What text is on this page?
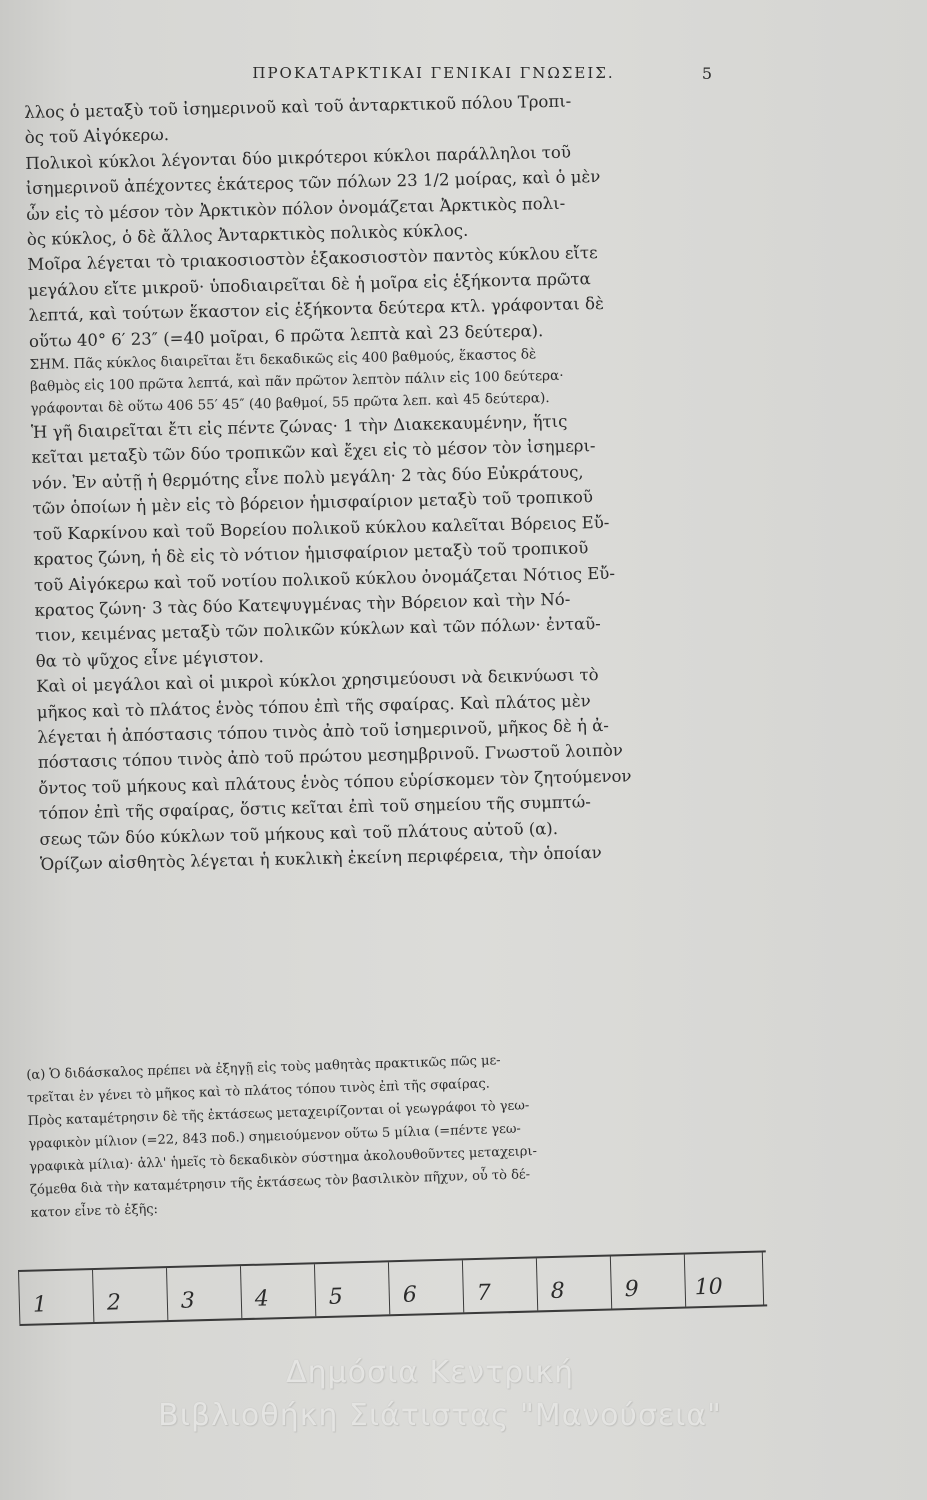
ΠΡΟΚΑΤΑΡΚΤΙΚΑΙ ΓΕΝΙΚΑΙ ΓΝΩΣΕΙΣ.	5
λλος ὁ μεταξὺ τοῦ ἰσημερινοῦ καὶ τοῦ ἀνταρκτικοῦ πόλου Τροπι-
ὸς τοῦ Αἰγόκερω.
Πολικοὶ κύκλοι λέγονται δύο μικρότεροι κύκλοι παράλληλοι τοῦ
ἰσημερινοῦ ἀπέχοντες ἑκάτερος τῶν πόλων 23 1/2 μοίρας, καὶ ὁ μὲν
ὧν εἰς τὸ μέσον τὸν Ἀρκτικὸν πόλον ὀνομάζεται Ἀρκτικὸς πολι-
ὸς κύκλος, ὁ δὲ ἄλλος Ἀνταρκτικὸς πολικὸς κύκλος.
Μοῖρα λέγεται τὸ τριακοσιοστὸν ἑξακοσιοστὸν παντὸς κύκλου εἴτε
μεγάλου εἴτε μικροῦ· ὑποδιαιρεῖται δὲ ἡ μοῖρα εἰς ἑξήκοντα πρῶτα
λεπτά, καὶ τούτων ἕκαστον εἰς ἑξήκοντα δεύτερα κτλ. γράφονται δὲ
οὕτω 40° 6′ 23″ (=40 μοῖραι, 6 πρῶτα λεπτὰ καὶ 23 δεύτερα).
ΣΗΜ. Πᾶς κύκλος διαιρεῖται ἔτι δεκαδικῶς εἰς 400 βαθμούς, ἕκαστος δὲ
βαθμὸς εἰς 100 πρῶτα λεπτά, καὶ πᾶν πρῶτον λεπτὸν πάλιν εἰς 100 δεύτερα·
γράφονται δὲ οὕτω 406 55′ 45″ (40 βαθμοί, 55 πρῶτα λεπ. καὶ 45 δεύτερα).
Ἡ γῆ διαιρεῖται ἔτι εἰς πέντε ζώνας· 1 τὴν Διακεκαυμένην, ἥτις
κεῖται μεταξὺ τῶν δύο τροπικῶν καὶ ἔχει εἰς τὸ μέσον τὸν ἰσημερι-
νόν. Ἐν αὐτῇ ἡ θερμότης εἶνε πολὺ μεγάλη· 2 τὰς δύο Εὐκράτους,
τῶν ὁποίων ἡ μὲν εἰς τὸ βόρειον ἡμισφαίριον μεταξὺ τοῦ τροπικοῦ
τοῦ Καρκίνου καὶ τοῦ Βορείου πολικοῦ κύκλου καλεῖται Βόρειος Εὔ-
κρατος ζώνη, ἡ δὲ εἰς τὸ νότιον ἡμισφαίριον μεταξὺ τοῦ τροπικοῦ
τοῦ Αἰγόκερω καὶ τοῦ νοτίου πολικοῦ κύκλου ὀνομάζεται Νότιος Εὔ-
κρατος ζώνη· 3 τὰς δύο Κατεψυγμένας τὴν Βόρειον καὶ τὴν Νό-
τιον, κειμένας μεταξὺ τῶν πολικῶν κύκλων καὶ τῶν πόλων· ἐνταῦ-
θα τὸ ψῦχος εἶνε μέγιστον.
Καὶ οἱ μεγάλοι καὶ οἱ μικροὶ κύκλοι χρησιμεύουσι νὰ δεικνύωσι τὸ
μῆκος καὶ τὸ πλάτος ἑνὸς τόπου ἐπὶ τῆς σφαίρας. Καὶ πλάτος μὲν
λέγεται ἡ ἀπόστασις τόπου τινὸς ἀπὸ τοῦ ἰσημερινοῦ, μῆκος δὲ ἡ ἀ-
πόστασις τόπου τινὸς ἀπὸ τοῦ πρώτου μεσημβρινοῦ. Γνωστοῦ λοιπὸν
ὄντος τοῦ μήκους καὶ πλάτους ἑνὸς τόπου εὑρίσκομεν τὸν ζητούμενον
τόπον ἐπὶ τῆς σφαίρας, ὅστις κεῖται ἐπὶ τοῦ σημείου τῆς συμπτώ-
σεως τῶν δύο κύκλων τοῦ μήκους καὶ τοῦ πλάτους αὐτοῦ (α).
Ὁρίζων αἰσθητὸς λέγεται ἡ κυκλικὴ ἐκείνη περιφέρεια, τὴν ὁποίαν
(α) Ὁ διδάσκαλος πρέπει νὰ ἐξηγῇ εἰς τοὺς μαθητὰς πρακτικῶς πῶς με-
τρεῖται ἐν γένει τὸ μῆκος καὶ τὸ πλάτος τόπου τινὸς ἐπὶ τῆς σφαίρας.
Πρὸς καταμέτρησιν δὲ τῆς ἐκτάσεως μεταχειρίζονται οἱ γεωγράφοι τὸ γεω-
γραφικὸν μίλιον (=22, 843 ποδ.) σημειούμενον οὕτω 5 μίλια (=πέντε γεω-
γραφικὰ μίλια)· ἀλλ' ἡμεῖς τὸ δεκαδικὸν σύστημα ἀκολουθοῦντες μεταχειρι-
ζόμεθα διὰ τὴν καταμέτρησιν τῆς ἐκτάσεως τὸν βασιλικὸν πῆχυν, οὗ τὸ δέ-
κατον εἶνε τὸ ἑξῆς:
1	2	3	4	5	6	7	8	9	10
Δημόσια Κεντρική
Βιβλιοθήκη Σιάτιστας "Μανούσεια"
